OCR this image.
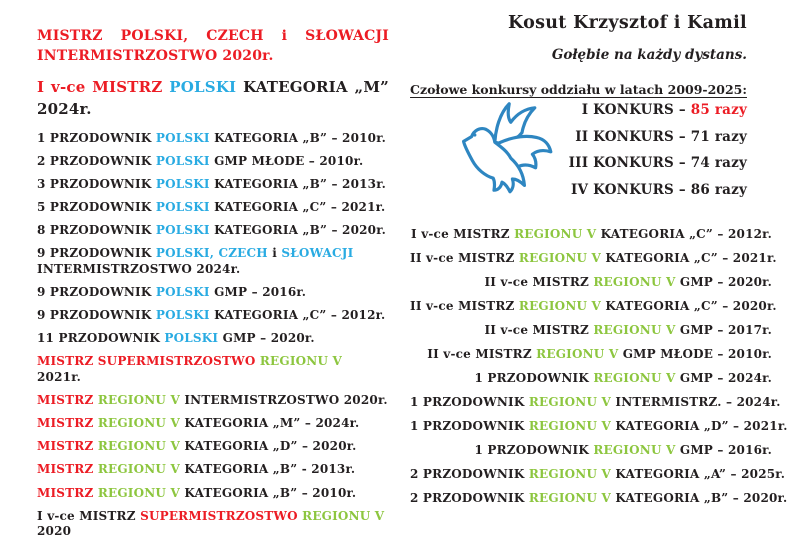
MISTRZ POLSKI, CZECH i SŁOWACJI
INTERMISTRZOSTWO 2020r.
I v-ce MISTRZ POLSKI KATEGORIA „M”
2024r.
1 PRZODOWNIK POLSKI KATEGORIA „B” – 2010r.
2 PRZODOWNIK POLSKI GMP MŁODE – 2010r.
3 PRZODOWNIK POLSKI KATEGORIA „B” – 2013r.
5 PRZODOWNIK POLSKI KATEGORIA „C” – 2021r.
8 PRZODOWNIK POLSKI KATEGORIA „B” – 2020r.
9 PRZODOWNIK POLSKI, CZECH i SŁOWACJI INTERMISTRZOSTWO 2024r.
9 PRZODOWNIK POLSKI GMP – 2016r.
9 PRZODOWNIK POLSKI KATEGORIA „C” – 2012r.
11 PRZODOWNIK POLSKI GMP – 2020r.
MISTRZ SUPERMISTRZOSTWO REGIONU V 2021r.
MISTRZ REGIONU V INTERMISTRZOSTWO 2020r.
MISTRZ REGIONU V KATEGORIA „M” – 2024r.
MISTRZ REGIONU V KATEGORIA „D” – 2020r.
MISTRZ REGIONU V KATEGORIA „B” - 2013r.
MISTRZ REGIONU V KATEGORIA „B” – 2010r.
I v-ce MISTRZ SUPERMISTRZOSTWO REGIONU V 2020
Kosut Krzysztof i Kamil
Gołębie na każdy dystans.
Czołowe konkursy oddziału w latach 2009-2025:
I KONKURS – 85 razy
II KONKURS – 71 razy
III KONKURS – 74 razy
IV KONKURS – 86 razy
I v-ce MISTRZ REGIONU V KATEGORIA „C” – 2012r.
II v-ce MISTRZ REGIONU V KATEGORIA „C” – 2021r.
II v-ce MISTRZ REGIONU V GMP – 2020r.
II v-ce MISTRZ REGIONU V KATEGORIA „C” – 2020r.
II v-ce MISTRZ REGIONU V GMP – 2017r.
II v-ce MISTRZ REGIONU V GMP MŁODE – 2010r.
1 PRZODOWNIK REGIONU V GMP – 2024r.
1 PRZODOWNIK REGIONU V INTERMISTRZ. – 2024r.
1 PRZODOWNIK REGIONU V KATEGORIA „D” – 2021r.
1 PRZODOWNIK REGIONU V GMP – 2016r.
2 PRZODOWNIK REGIONU V KATEGORIA „A” – 2025r.
2 PRZODOWNIK REGIONU V KATEGORIA „B” – 2020r.
